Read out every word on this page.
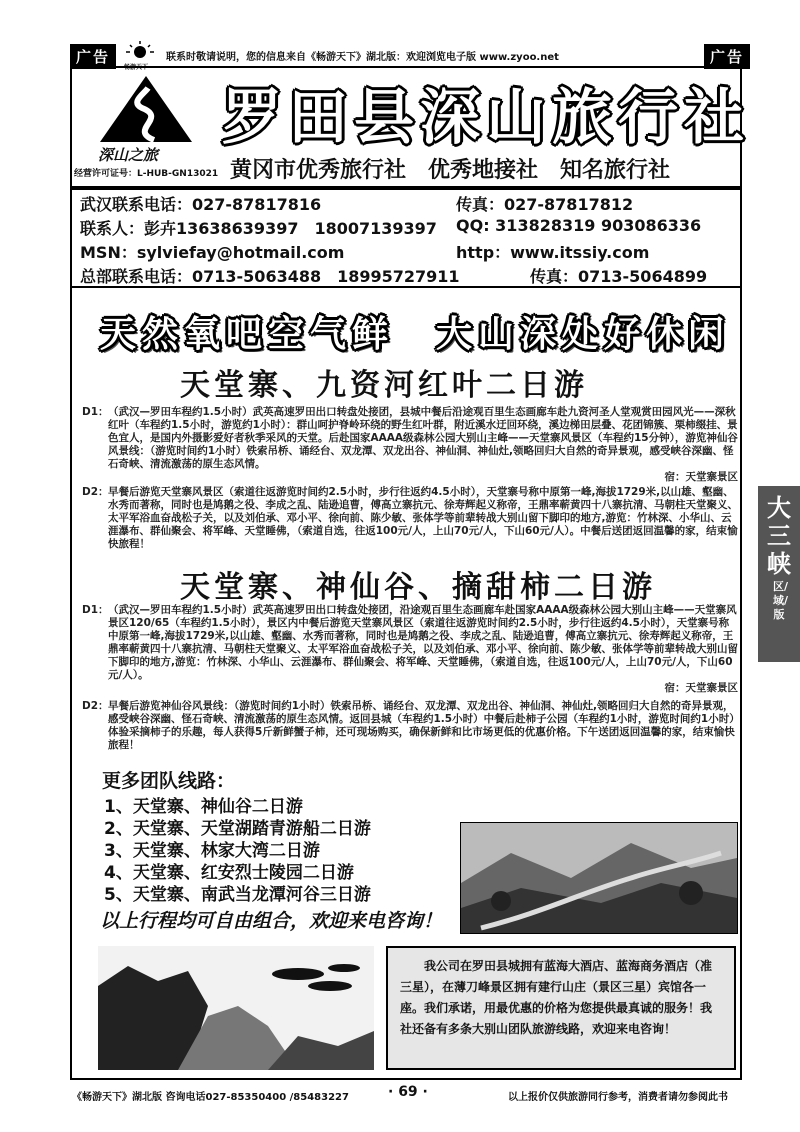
广告
畅游天下
联系时敬请说明，您的信息来自《畅游天下》湖北版：欢迎浏览电子版 www.zyoo.net	广告
深山之旅
经营许可证号：L-HUB-GN13021
罗田县深山旅行社
黄冈市优秀旅行社　优秀地接社　知名旅行社
武汉联系电话：027-87817816	传真：027-87817812
联系人：彭卉13638639397　18007139397 QQ: 313828319 903086336
MSN：sylviefay@hotmail.com	http：www.itssiy.com
总部联系电话：0713-5063488　18995727911	传真：0713-5064899
天然氧吧空气鲜　大山深处好休闲
天堂寨、九资河红叶二日游
D1： （武汉—罗田车程约1.5小时）武英高速罗田出口转盘处接团，县城中餐后沿途观百里生态画廊车赴九资河圣人堂观赏田园风光——深秋红叶（车程约1.5小时，游览约1小时）：群山呵护脊岭环绕的野生红叶群，附近溪水迂回环绕，溪边梯田层叠、花团锦簇、栗柿缀挂、景色宜人，是国内外摄影爱好者秋季采风的天堂。后赴国家AAAA级森林公园大别山主峰——天堂寨风景区（车程约15分钟），游览神仙谷风景线：（游览时间约1小时）铁索吊桥、诵经台、双龙潭、双龙出谷、神仙洞、神仙灶,领略回归大自然的奇异景观，感受峡谷深幽、怪石奇峡、清流激荡的原生态风情。
宿：天堂寨景区
D2： 早餐后游览天堂寨风景区（索道往返游览时间约2.5小时，步行往返约4.5小时），天堂寨号称中原第一峰,海拔1729米,以山雄、壑幽、水秀而著称，同时也是鸠鹅之役、李成之乱、陆逊追曹，傅高立寨抗元、徐寿辉起义称帝，王鼎率蕲黄四十八寨抗清、马朝柱天堂聚义、太平军浴血奋战松子关，以及刘伯承、邓小平、徐向前、陈少敏、张体学等前辈转战大别山留下脚印的地方,游览：竹林深、小华山、云涯瀑布、群仙聚会、将军峰、天堂睡佛，（索道自选，往返100元/人，上山70元/人，下山60元/人）。中餐后送团返回温馨的家，结束愉快旅程！
天堂寨、神仙谷、摘甜柿二日游
D1： （武汉—罗田车程约1.5小时）武英高速罗田出口转盘处接团，沿途观百里生态画廊车赴国家AAAA级森林公园大别山主峰——天堂寨风景区120/65（车程约1.5小时），景区内中餐后游览天堂寨风景区（索道往返游览时间约2.5小时，步行往返约4.5小时），天堂寨号称中原第一峰,海拔1729米,以山雄、壑幽、水秀而著称，同时也是鸠鹅之役、李成之乱、陆逊追曹，傅高立寨抗元、徐寿辉起义称帝，王鼎率蕲黄四十八寨抗清、马朝柱天堂聚义、太平军浴血奋战松子关，以及刘伯承、邓小平、徐向前、陈少敏、张体学等前辈转战大别山留下脚印的地方,游览：竹林深、小华山、云涯瀑布、群仙聚会、将军峰、天堂睡佛，（索道自选，往返100元/人，上山70元/人，下山60元/人）。
宿：天堂寨景区
D2： 早餐后游览神仙谷风景线：（游览时间约1小时）铁索吊桥、诵经台、双龙潭、双龙出谷、神仙洞、神仙灶,领略回归大自然的奇异景观，感受峡谷深幽、怪石奇峡、清流激荡的原生态风情。返回县城（车程约1.5小时）中餐后赴柿子公园（车程约1小时，游览时间约1小时）体验采摘柿子的乐趣，每人获得5斤新鲜蟹子柿，还可现场购买，确保新鲜和比市场更低的优惠价格。下午送团返回温馨的家，结束愉快旅程！
更多团队线路：
1、天堂寨、神仙谷二日游
2、天堂寨、天堂湖踏青游船二日游
3、天堂寨、林家大湾二日游
4、天堂寨、红安烈士陵园二日游
5、天堂寨、南武当龙潭河谷三日游
以上行程均可自由组合，欢迎来电咨询！
我公司在罗田县城拥有蓝海大酒店、蓝海商务酒店（准三星），在薄刀峰景区拥有建行山庄（景区三星）宾馆各一座。我们承诺，用最优惠的价格为您提供最真诚的服务！我社还备有多条大别山团队旅游线路，欢迎来电咨询！
大三峡
区/域/版
《畅游天下》湖北版 咨询电话027-85350400 /85483227	· 69 ·	以上报价仅供旅游同行参考，消费者请勿参阅此书
